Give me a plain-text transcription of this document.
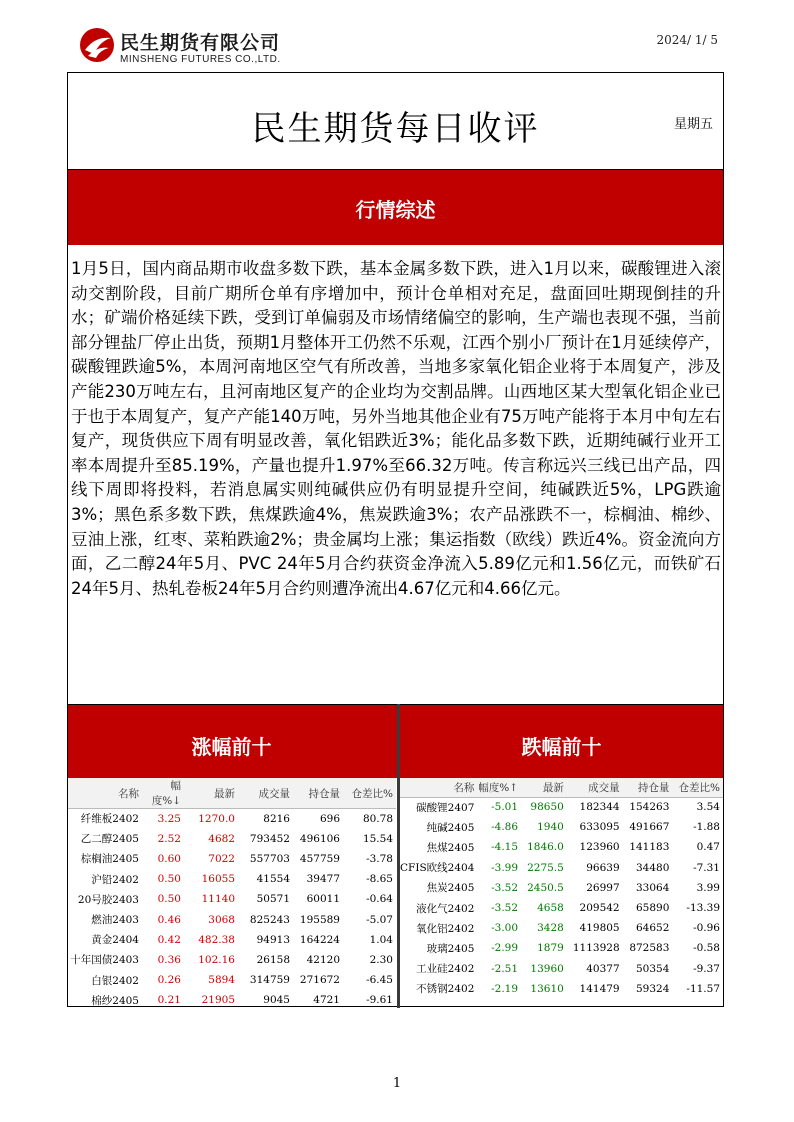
民生期货有限公司
MINSHENG FUTURES CO.,LTD.
2024/ 1/ 5
民生期货每日收评	星期五
行情综述
1月5日，国内商品期市收盘多数下跌，基本金属多数下跌，进入1月以来，碳酸锂进入滚动交割阶段，目前广期所仓单有序增加中，预计仓单相对充足，盘面回吐期现倒挂的升水；矿端价格延续下跌，受到订单偏弱及市场情绪偏空的影响，生产端也表现不强，当前部分锂盐厂停止出货，预期1月整体开工仍然不乐观，江西个别小厂预计在1月延续停产，碳酸锂跌逾5%，本周河南地区空气有所改善，当地多家氧化铝企业将于本周复产，涉及产能230万吨左右，且河南地区复产的企业均为交割品牌。山西地区某大型氧化铝企业已于也于本周复产，复产产能140万吨，另外当地其他企业有75万吨产能将于本月中旬左右复产，现货供应下周有明显改善，氧化铝跌近3%；能化品多数下跌，近期纯碱行业开工率本周提升至85.19%，产量也提升1.97%至66.32万吨。传言称远兴三线已出产品，四线下周即将投料，若消息属实则纯碱供应仍有明显提升空间，纯碱跌近5%，LPG跌逾3%；黑色系多数下跌，焦煤跌逾4%，焦炭跌逾3%；农产品涨跌不一，棕榈油、棉纱、豆油上涨，红枣、菜粕跌逾2%；贵金属均上涨；集运指数（欧线）跌近4%。资金流向方面，乙二醇24年5月、PVC 24年5月合约获资金净流入5.89亿元和1.56亿元，而铁矿石24年5月、热轧卷板24年5月合约则遭净流出4.67亿元和4.66亿元。
涨幅前十	跌幅前十
名称	幅度%↓	最新	成交量	持仓量	仓差比%
纤维板2402	3.25	1270.0	8216	696	80.78
乙二醇2405	2.52	4682	793452	496106	15.54
棕榈油2405	0.60	7022	557703	457759	-3.78
沪铅2402	0.50	16055	41554	39477	-8.65
20号胶2403	0.50	11140	50571	60011	-0.64
燃油2403	0.46	3068	825243	195589	-5.07
黄金2404	0.42	482.38	94913	164224	1.04
十年国债2403	0.36	102.16	26158	42120	2.30
白银2402	0.26	5894	314759	271672	-6.45
棉纱2405	0.21	21905	9045	4721	-9.61
名称	幅度%↑	最新	成交量	持仓量	仓差比%
碳酸锂2407	-5.01	98650	182344	154263	3.54
纯碱2405	-4.86	1940	633095	491667	-1.88
焦煤2405	-4.15	1846.0	123960	141183	0.47
CFIS欧线2404	-3.99	2275.5	96639	34480	-7.31
焦炭2405	-3.52	2450.5	26997	33064	3.99
液化气2402	-3.52	4658	209542	65890	-13.39
氧化铝2402	-3.00	3428	419805	64652	-0.96
玻璃2405	-2.99	1879	1113928	872583	-0.58
工业硅2402	-2.51	13960	40377	50354	-9.37
不锈钢2402	-2.19	13610	141479	59324	-11.57
1
